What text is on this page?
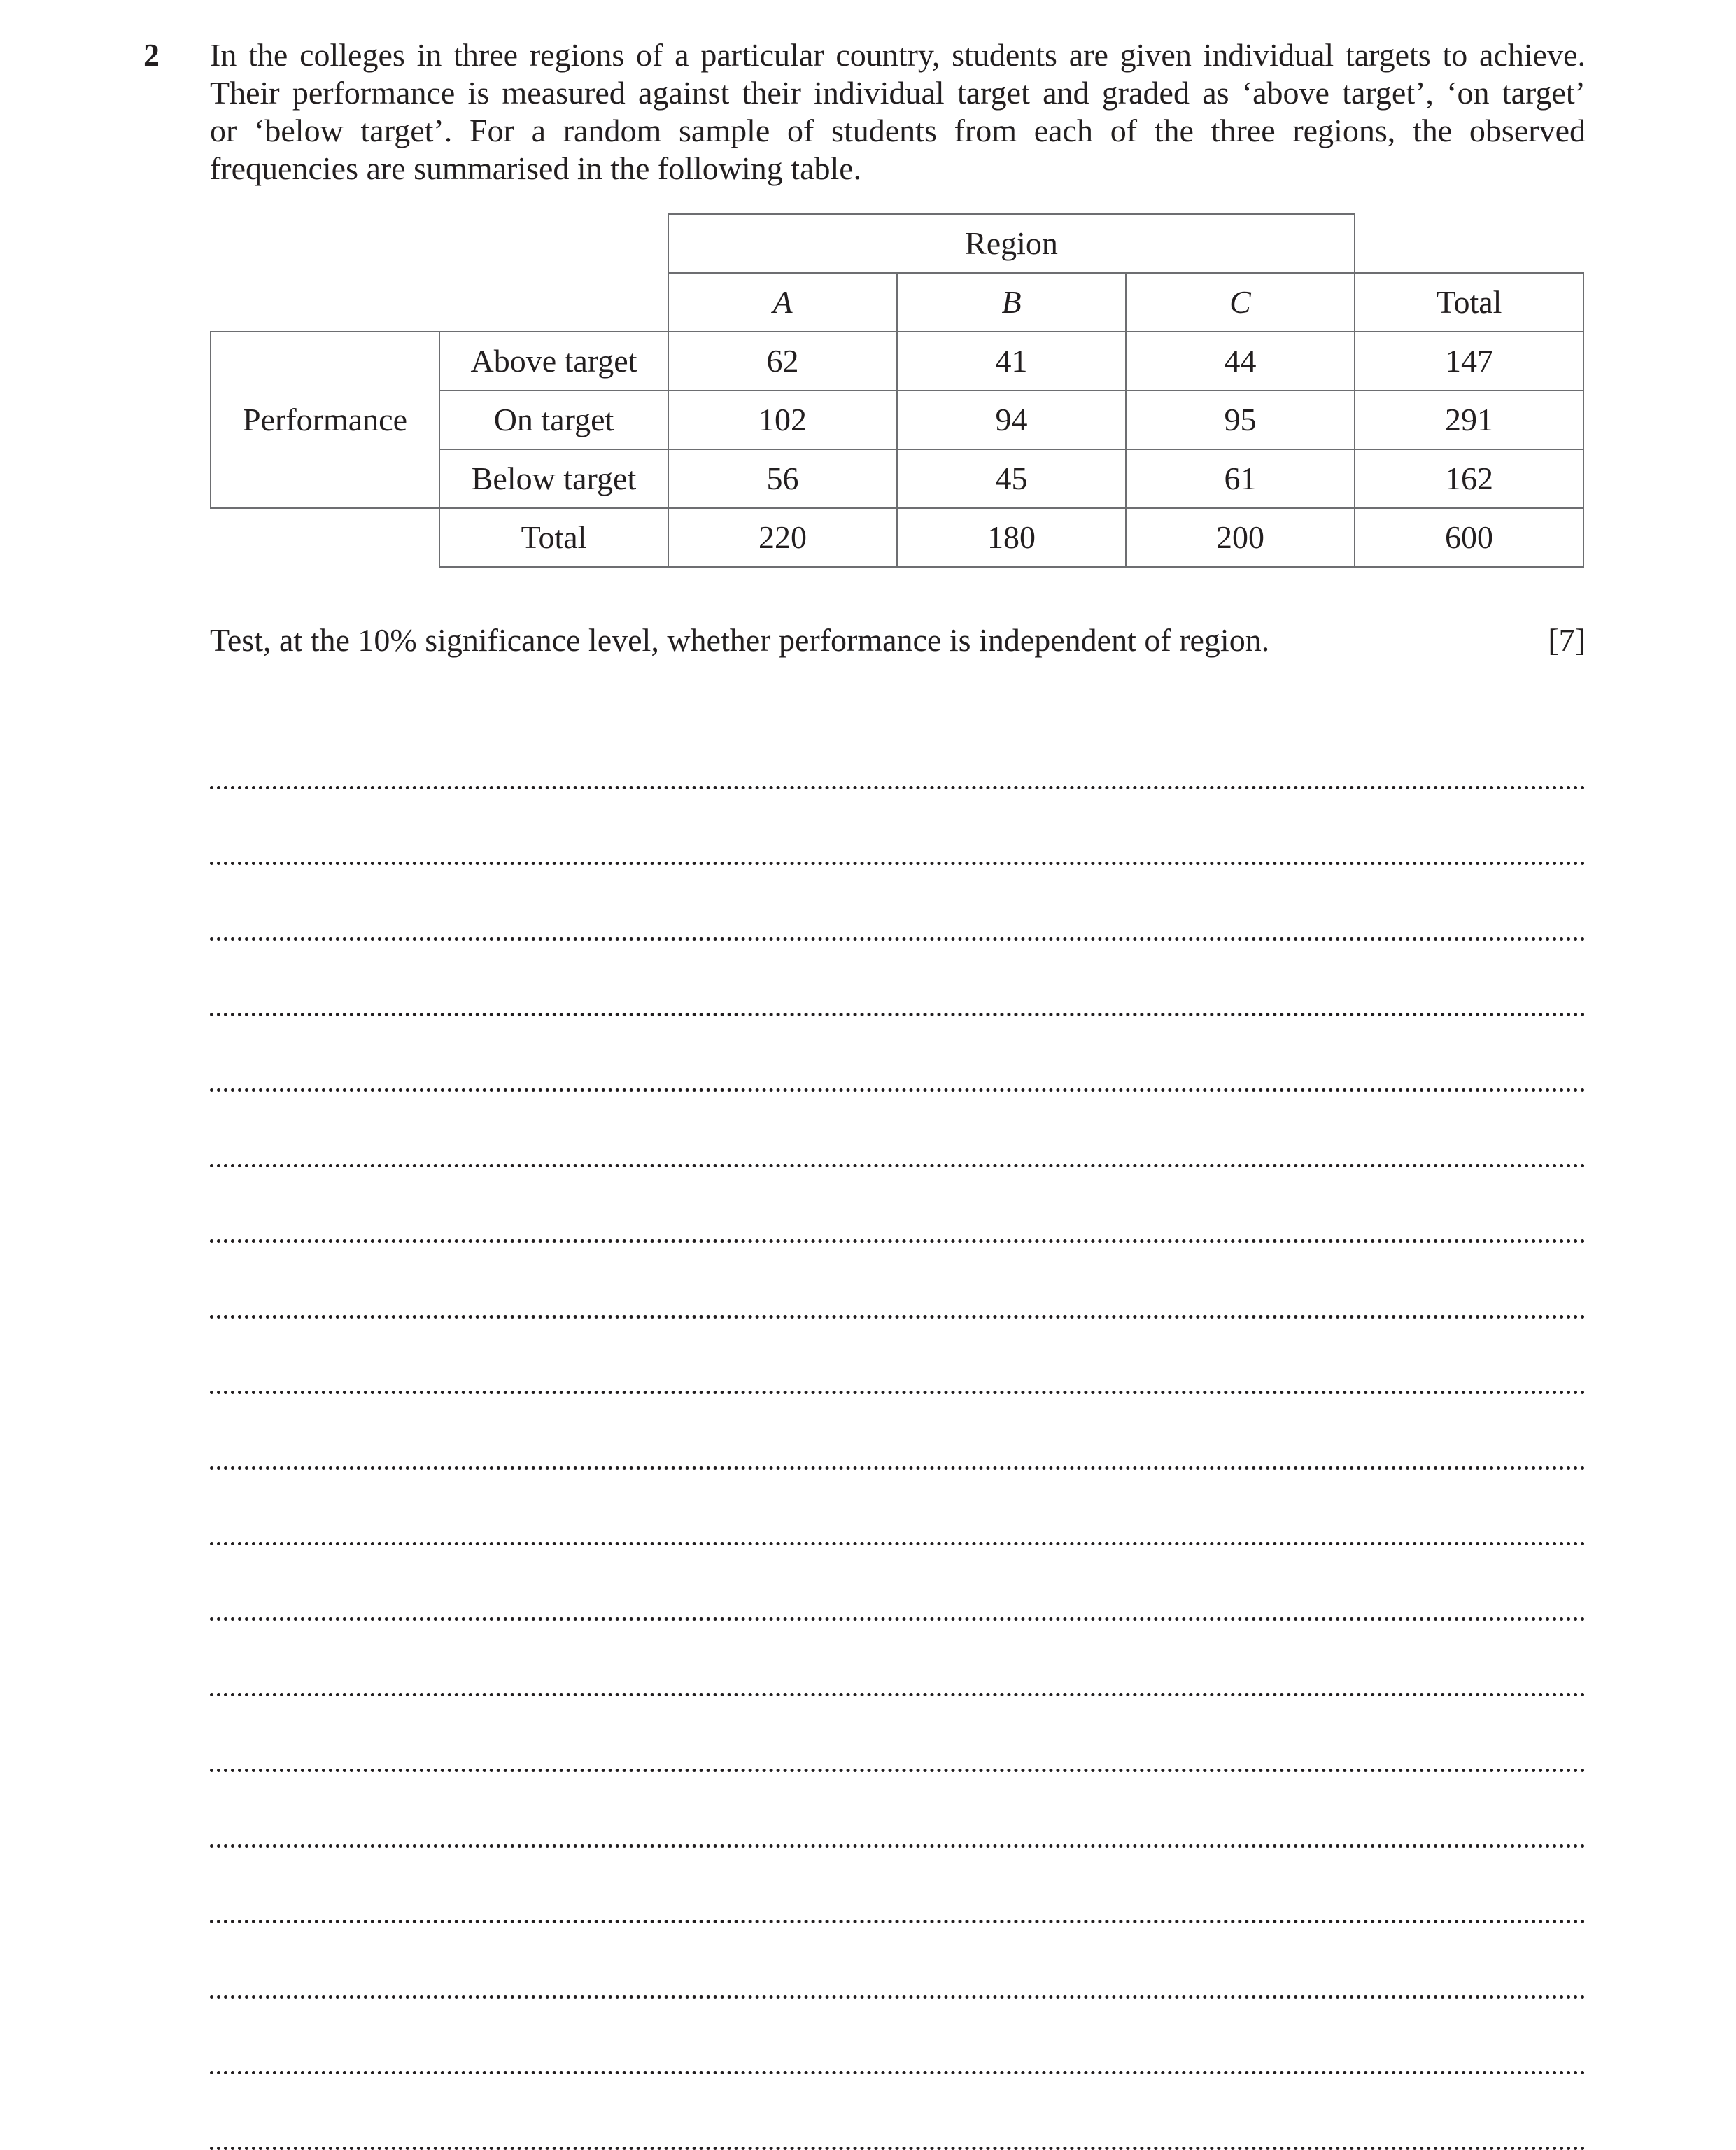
2 In the colleges in three regions of a particular country, students are given individual targets to achieve.
Their performance is measured against their individual target and graded as ‘above target’, ‘on target’
or ‘below target’. For a random sample of students from each of the three regions, the observed
frequencies are summarised in the following table.
		Region			
		A	B	C	Total
Performance	Above target	62	41	44	147
	On target	102	94	95	291
	Below target	56	45	61	162
	Total	220	180	200	600
Test, at the 10% significance level, whether performance is independent of region.	[7]
